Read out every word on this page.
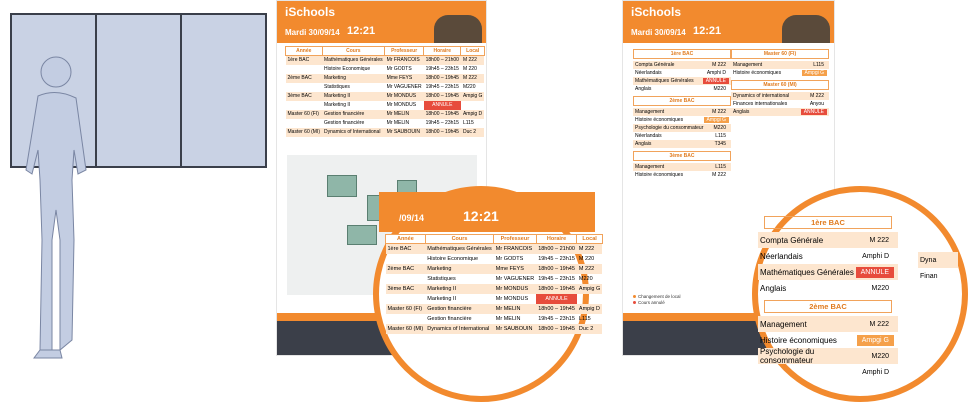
iSchools
Mardi 30/09/14 12:21
Année	Cours	Professeur	Horaire	Local
1ère BAC	Mathématiques Générales	Mr FRANCOIS	18h00 – 21h00	M 222
	Histoire Economique	Mr GODTS	19h45 – 23h15	M 220
2ème BAC	Marketing	Mme FEYS	18h00 – 19h45	M 222
	Statistiques	Mr VAGUENER	19h45 – 23h15	M220
3ème BAC	Marketing II	Mr MONDUS	18h00 – 19h45	Ampig G
	Marketing II	Mr MONDUS	ANNULE	
Master 60 (FI)	Gestion financière	Mr MELIN	18h00 – 19h45	Ampig D
	Gestion financière	Mr MELIN	19h45 – 23h15	L115
Master 60 (MI)	Dynamics of International	Mr SAUBOUIN	18h00 – 19h45	Duc 2
iSchools
Mardi 30/09/14 12:21
1ère BAC
Compta Générale	M 222
Néerlandais	Amphi D
Mathématiques Générales	ANNULE
Anglais	M220
2ème BAC
Management	M 222
Histoire économiques	Ampgi G
Psychologie du consommateur	M220
Néerlandais	L115
Anglais	T345
3ème BAC
Management	L115
Histoire économiques	M 222
Master 60 (FI)
Management	L115
Histoire économiques	Ampgi G
Master 60 (MI)
Dynamics of international	M 222
Finances internationales	Anyou
Anglais	ANNULE
Changement de local
Cours annulé
/09/14	12:21
Année	Cours	Professeur	Horaire	Local
1ère BAC	Mathématiques Générales	Mr FRANCOIS	18h00 – 21h00	M 222
	Histoire Economique	Mr GODTS	19h45 – 23h15	M 220
2ème BAC	Marketing	Mme FEYS	18h00 – 19h45	M 222
	Statistiques	Mr VAGUENER	19h45 – 23h15	M220
3ème BAC	Marketing II	Mr MONDUS	18h00 – 19h45	Ampig G
	Marketing II	Mr MONDUS	ANNULE	
Master 60 (FI)	Gestion financière	Mr MELIN	18h00 – 19h45	Ampig D
	Gestion financière	Mr MELIN	19h45 – 23h15	L115
Master 60 (MI)	Dynamics of International	Mr SAUBOUIN	18h00 – 19h45	Duc 2
1ère BAC
Compta Générale	M 222
Néerlandais	Amphi D
Mathématiques Générales ANNULE
Anglais	M220
2ème BAC
Management	M 222
Histoire économiques	Ampgi G
Psychologie du consommateur	M220
Amphi D
Dyna
Finan
